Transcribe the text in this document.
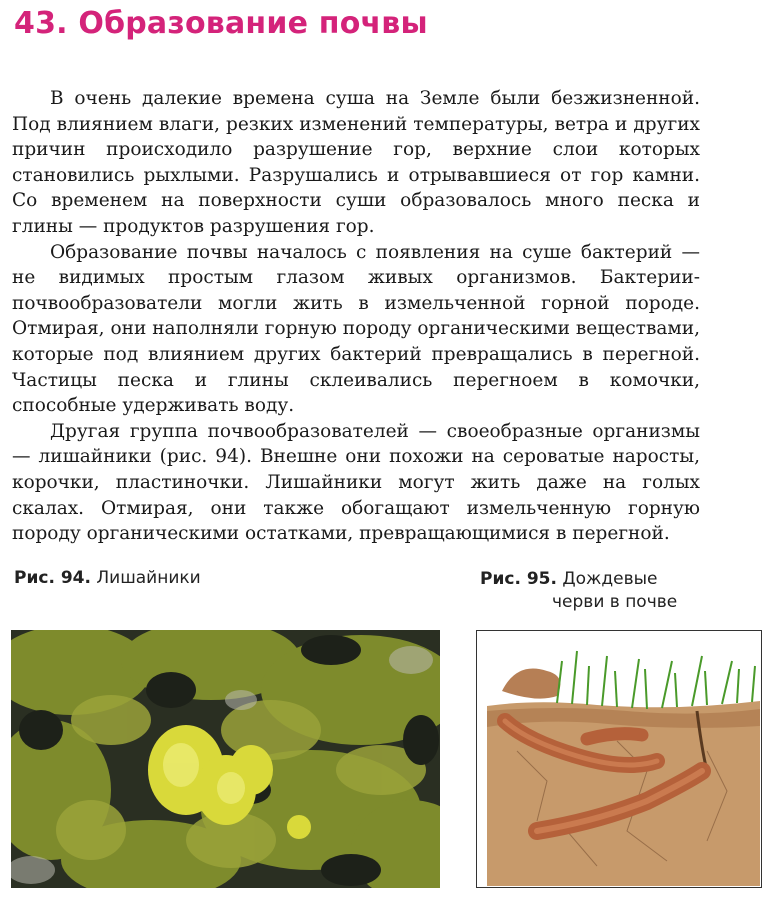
43. Образование почвы

В очень далекие времена суша на Земле были безжизненной. Под влиянием влаги, резких изменений температуры, ветра и других причин происходило разрушение гор, верхние слои которых становились рыхлыми. Разрушались и отрывавшиеся от гор камни. Со временем на поверхности суши образовалось много песка и глины — продуктов разрушения гор.

Образование почвы началось с появления на суше бактерий — не видимых простым глазом живых организмов. Бактерии-почвообразователи могли жить в измельченной горной породе. Отмирая, они наполняли горную породу органическими веществами, которые под влиянием других бактерий превращались в перегной. Частицы песка и глины склеивались перегноем в комочки, способные удерживать воду.

Другая группа почвообразователей — своеобразные организмы — лишайники (рис. 94). Внешне они похожи на сероватые наросты, корочки, пластиночки. Лишайники могут жить даже на голых скалах. Отмирая, они также обогащают измельченную горную породу органическими остатками, превращающимися в перегной.

Рис. 94. Лишайники	Рис. 95. Дождевые
черви в почве
